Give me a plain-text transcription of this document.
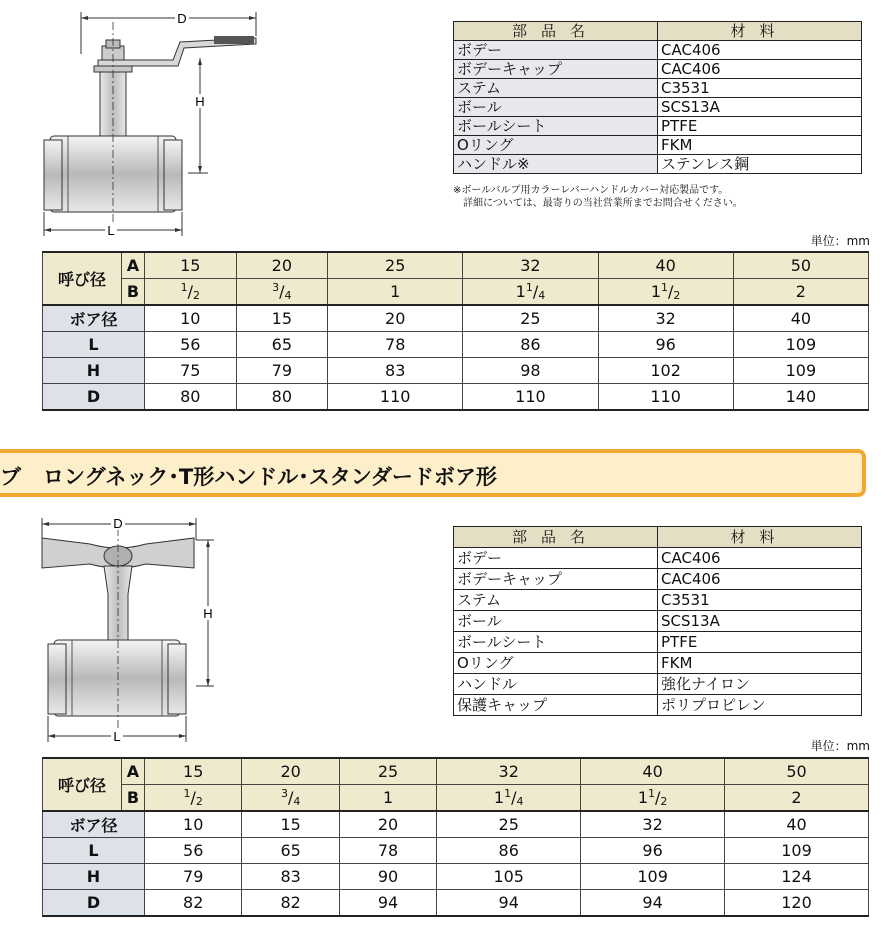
D
H
L
部品名	材料
ボデー	CAC406
ボデーキャップ	CAC406
ステム	C3531
ボール	SCS13A
ボールシート	PTFE
Oリング	FKM
ハンドル※	ステンレス鋼
※ボールバルブ用カラーレバーハンドルカバー対応製品です。
詳細については、最寄りの当社営業所までお問合せください。
単位：mm
呼び径	A	15	20	25	32	40	50
	B	$^1$/2	$^3$/4	1	$1^1/4$	$1^1/2$	2
ボア径		10	15	20	25	32	40
L		56	65	78	86	96	109
H		75	79	83	98	102	109
D		80	80	110	110	110	140
ブ ロングネック･T形ハンドル･スタンダードボア形
D
H
L
部品名	材料
ボデー	CAC406
ボデーキャップ	CAC406
ステム	C3531
ボール	SCS13A
ボールシート	PTFE
Oリング	FKM
ハンドル	強化ナイロン
保護キャップ	ポリプロピレン
単位：mm
呼び径	A	15	20	25	32	40	50
	B	$^1$/2	$^3$/4	1	$1^1/4$	$1^1/2$	2
ボア径		10	15	20	25	32	40
L		56	65	78	86	96	109
H		79	83	90	105	109	124
D		82	82	94	94	94	120
